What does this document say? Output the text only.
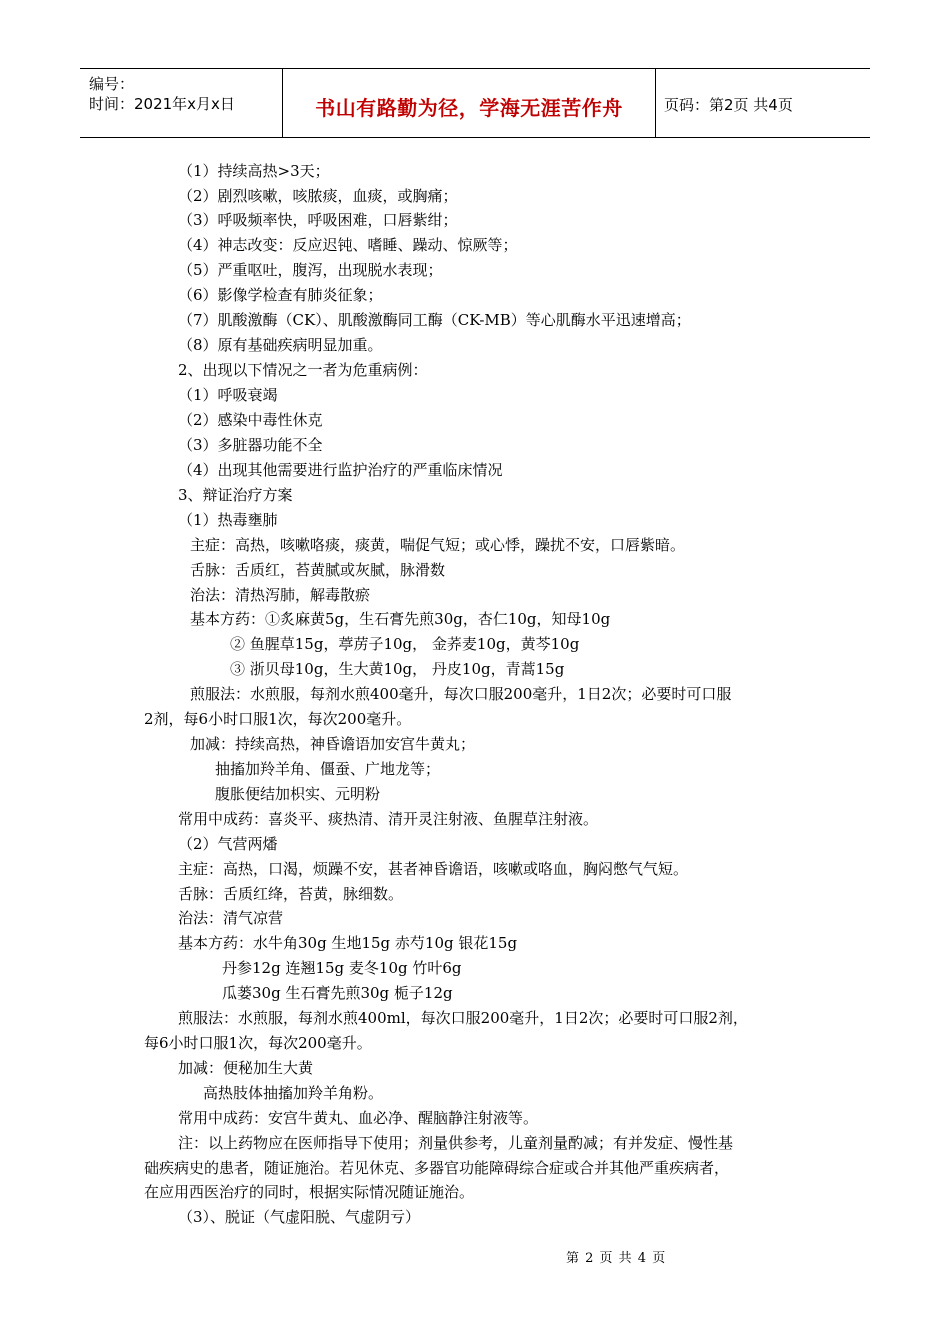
编号：
时间：2021年x月x日	书山有路勤为径，学海无涯苦作舟	页码：第2页 共4页
（1）持续高热>3天；
（2）剧烈咳嗽，咳脓痰，血痰，或胸痛；
（3）呼吸频率快，呼吸困难，口唇紫绀；
（4）神志改变：反应迟钝、嗜睡、躁动、惊厥等；
（5）严重呕吐，腹泻，出现脱水表现；
（6）影像学检查有肺炎征象；
（7）肌酸激酶（CK）、肌酸激酶同工酶（CK-MB）等心肌酶水平迅速增高；
（8）原有基础疾病明显加重。
2、出现以下情况之一者为危重病例：
（1）呼吸衰竭
（2）感染中毒性休克
（3）多脏器功能不全
（4）出现其他需要进行监护治疗的严重临床情况
3、辩证治疗方案
（1）热毒壅肺
主症：高热，咳嗽咯痰，痰黄，喘促气短；或心悸，躁扰不安，口唇紫暗。
舌脉：舌质红，苔黄腻或灰腻，脉滑数
治法：清热泻肺，解毒散瘀
基本方药：①炙麻黄5g，生石膏先煎30g，杏仁10g，知母10g
② 鱼腥草15g，葶苈子10g， 金荞麦10g，黄芩10g
③ 浙贝母10g，生大黄10g， 丹皮10g，青蒿15g
煎服法：水煎服，每剂水煎400毫升，每次口服200毫升，1日2次；必要时可口服
2剂，每6小时口服1次，每次200毫升。
加减：持续高热，神昏谵语加安宫牛黄丸；
抽搐加羚羊角、僵蚕、广地龙等；
腹胀便结加枳实、元明粉
常用中成药：喜炎平、痰热清、清开灵注射液、鱼腥草注射液。
（2）气营两燔
主症：高热，口渴，烦躁不安，甚者神昏谵语，咳嗽或咯血，胸闷憋气气短。
舌脉：舌质红绛，苔黄，脉细数。
治法：清气凉营
基本方药：水牛角30g 生地15g 赤芍10g 银花15g
丹参12g 连翘15g 麦冬10g 竹叶6g
瓜蒌30g 生石膏先煎30g 栀子12g
煎服法：水煎服，每剂水煎400ml，每次口服200毫升，1日2次；必要时可口服2剂，
每6小时口服1次，每次200毫升。
加减：便秘加生大黄
高热肢体抽搐加羚羊角粉。
常用中成药：安宫牛黄丸、血必净、醒脑静注射液等。
注：以上药物应在医师指导下使用；剂量供参考，儿童剂量酌减；有并发症、慢性基
础疾病史的患者，随证施治。若见休克、多器官功能障碍综合症或合并其他严重疾病者，
在应用西医治疗的同时，根据实际情况随证施治。
（3）、脱证（气虚阳脱、气虚阴亏）
第 2 页 共 4 页
